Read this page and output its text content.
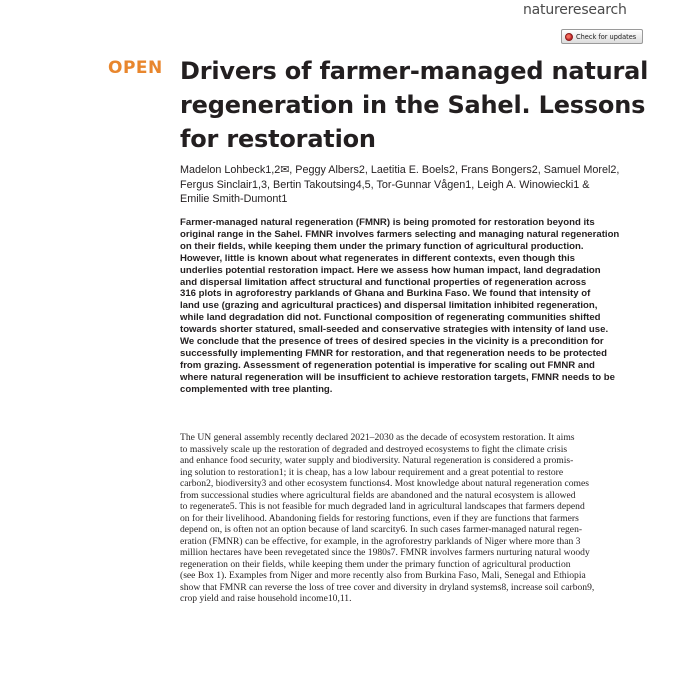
natureresearch
Check for updates
OPEN Drivers of farmer-managed natural
regeneration in the Sahel. Lessons
for restoration

Madelon Lohbeck1,2✉, Peggy Albers2, Laetitia E. Boels2, Frans Bongers2, Samuel Morel2,
Fergus Sinclair1,3, Bertin Takoutsing4,5, Tor-Gunnar Vågen1, Leigh A. Winowiecki1 &
Emilie Smith-Dumont1

Farmer-managed natural regeneration (FMNR) is being promoted for restoration beyond its
original range in the Sahel. FMNR involves farmers selecting and managing natural regeneration
on their fields, while keeping them under the primary function of agricultural production.
However, little is known about what regenerates in different contexts, even though this
underlies potential restoration impact. Here we assess how human impact, land degradation
and dispersal limitation affect structural and functional properties of regeneration across
316 plots in agroforestry parklands of Ghana and Burkina Faso. We found that intensity of
land use (grazing and agricultural practices) and dispersal limitation inhibited regeneration,
while land degradation did not. Functional composition of regenerating communities shifted
towards shorter statured, small-seeded and conservative strategies with intensity of land use.
We conclude that the presence of trees of desired species in the vicinity is a precondition for
successfully implementing FMNR for restoration, and that regeneration needs to be protected
from grazing. Assessment of regeneration potential is imperative for scaling out FMNR and
where natural regeneration will be insufficient to achieve restoration targets, FMNR needs to be
complemented with tree planting.

The UN general assembly recently declared 2021–2030 as the decade of ecosystem restoration. It aims
to massively scale up the restoration of degraded and destroyed ecosystems to fight the climate crisis
and enhance food security, water supply and biodiversity. Natural regeneration is considered a promis-
ing solution to restoration1; it is cheap, has a low labour requirement and a great potential to restore
carbon2, biodiversity3 and other ecosystem functions4. Most knowledge about natural regeneration comes
from successional studies where agricultural fields are abandoned and the natural ecosystem is allowed
to regenerate5. This is not feasible for much degraded land in agricultural landscapes that farmers depend
on for their livelihood. Abandoning fields for restoring functions, even if they are functions that farmers
depend on, is often not an option because of land scarcity6. In such cases farmer-managed natural regen-
eration (FMNR) can be effective, for example, in the agroforestry parklands of Niger where more than 3
million hectares have been revegetated since the 1980s7. FMNR involves farmers nurturing natural woody
regeneration on their fields, while keeping them under the primary function of agricultural production
(see Box 1). Examples from Niger and more recently also from Burkina Faso, Mali, Senegal and Ethiopia
show that FMNR can reverse the loss of tree cover and diversity in dryland systems8, increase soil carbon9,
crop yield and raise household income10,11.
